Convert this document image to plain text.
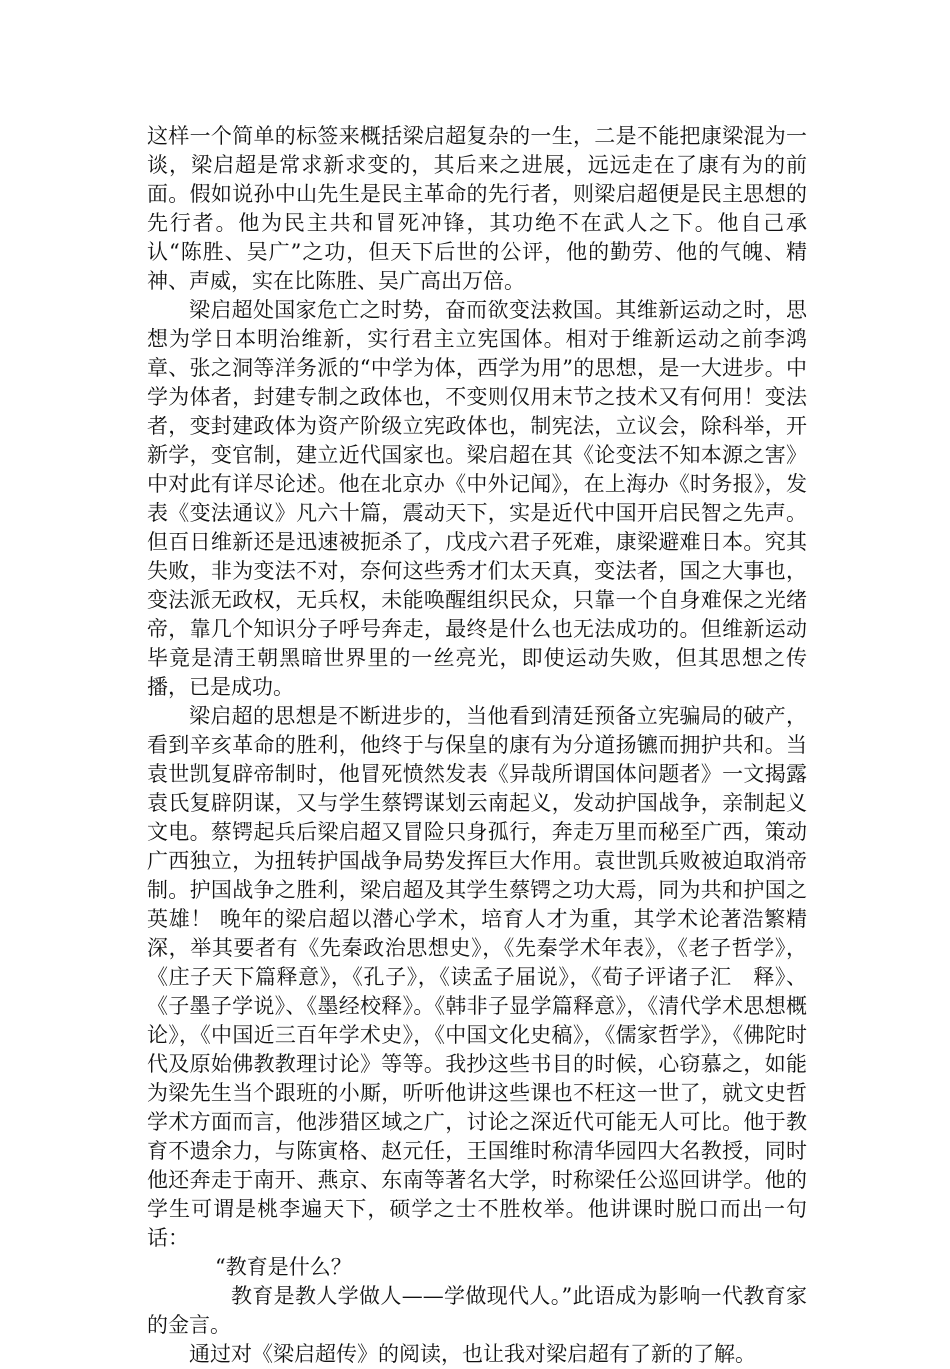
这样一个简单的标签来概括梁启超复杂的一生，二是不能把康梁混为一谈，梁启超是常求新求变的，其后来之进展，远远走在了康有为的前面。假如说孙中山先生是民主革命的先行者，则梁启超便是民主思想的先行者。他为民主共和冒死冲锋，其功绝不在武人之下。他自己承认“陈胜、吴广”之功，但天下后世的公评，他的勤劳、他的气魄、精神、声威，实在比陈胜、吴广高出万倍。

梁启超处国家危亡之时势，奋而欲变法救国。其维新运动之时，思想为学日本明治维新，实行君主立宪国体。相对于维新运动之前李鸿章、张之洞等洋务派的“中学为体，西学为用”的思想，是一大进步。中学为体者，封建专制之政体也，不变则仅用末节之技术又有何用！变法者，变封建政体为资产阶级立宪政体也，制宪法，立议会，除科举，开新学，变官制，建立近代国家也。梁启超在其《论变法不知本源之害》中对此有详尽论述。他在北京办《中外记闻》，在上海办《时务报》，发表《变法通议》凡六十篇，震动天下，实是近代中国开启民智之先声。但百日维新还是迅速被扼杀了，戊戌六君子死难，康梁避难日本。究其失败，非为变法不对，奈何这些秀才们太天真，变法者，国之大事也，变法派无政权，无兵权，未能唤醒组织民众，只靠一个自身难保之光绪帝，靠几个知识分子呼号奔走，最终是什么也无法成功的。但维新运动毕竟是清王朝黑暗世界里的一丝亮光，即使运动失败，但其思想之传播，已是成功。

梁启超的思想是不断进步的，当他看到清廷预备立宪骗局的破产，看到辛亥革命的胜利，他终于与保皇的康有为分道扬镳而拥护共和。当袁世凯复辟帝制时，他冒死愤然发表《异哉所谓国体问题者》一文揭露袁氏复辟阴谋，又与学生蔡锷谋划云南起义，发动护国战争，亲制起义文电。蔡锷起兵后梁启超又冒险只身孤行，奔走万里而秘至广西，策动广西独立，为扭转护国战争局势发挥巨大作用。袁世凯兵败被迫取消帝制。护国战争之胜利，梁启超及其学生蔡锷之功大焉，同为共和护国之英雄！ 晚年的梁启超以潜心学术，培育人才为重，其学术论著浩繁精深，举其要者有《先秦政治思想史》，《先秦学术年表》，《老子哲学》，《庄子天下篇释意》，《孔子》，《读孟子届说》，《荀子评诸子汇　释》、《子墨子学说》、《墨经校释》。《韩非子显学篇释意》，《清代学术思想概论》，《中国近三百年学术史》，《中国文化史稿》，《儒家哲学》，《佛陀时代及原始佛教教理讨论》等等。我抄这些书目的时候，心窃慕之，如能为梁先生当个跟班的小厮，听听他讲这些课也不枉这一世了，就文史哲学术方面而言，他涉猎区域之广，讨论之深近代可能无人可比。他于教育不遗余力，与陈寅格、赵元任，王国维时称清华园四大名教授，同时他还奔走于南开、燕京、东南等著名大学，时称梁任公巡回讲学。他的学生可谓是桃李遍天下，硕学之士不胜枚举。他讲课时脱口而出一句话：

“教育是什么？

教育是教人学做人——学做现代人。”此语成为影响一代教育家的金言。

通过对《梁启超传》的阅读，也让我对梁启超有了新的了解。
